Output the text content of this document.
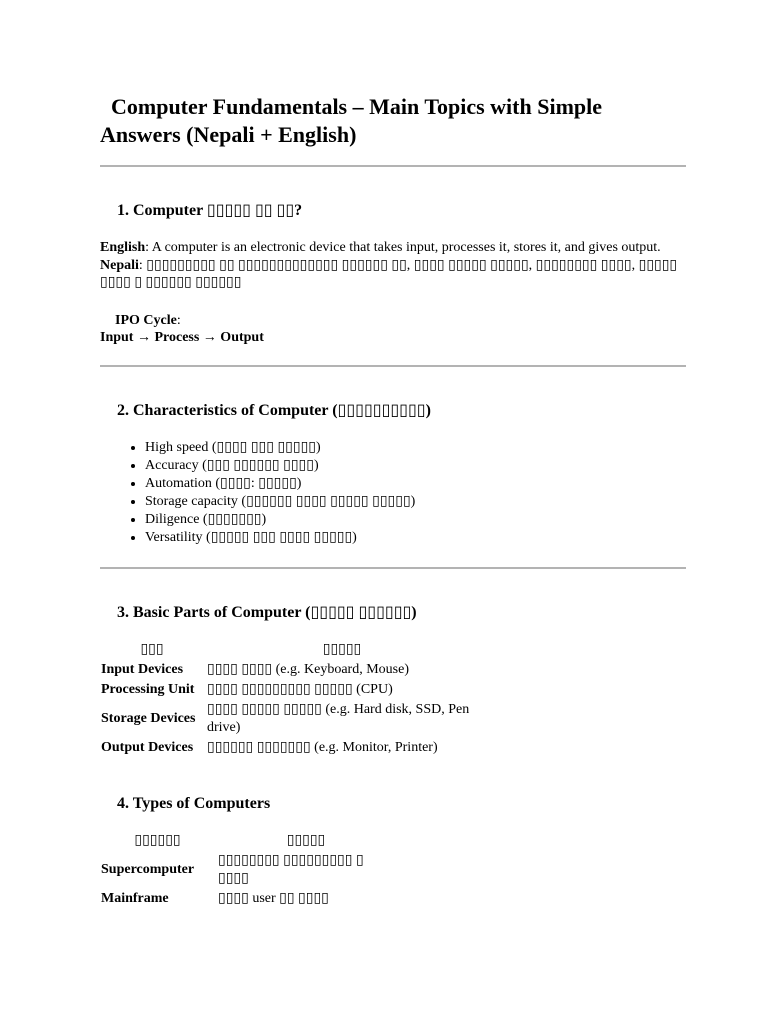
Computer Fundamentals – Main Topics with Simple Answers (Nepali + English)
1. Computer ▯▯▯▯▯ ▯▯ ▯▯?

English: A computer is an electronic device that takes input, processes it, stores it, and gives output.
Nepali: ▯▯▯▯▯▯▯▯▯ ▯▯ ▯▯▯▯▯▯▯▯▯▯▯▯▯ ▯▯▯▯▯▯ ▯▯, ▯▯▯▯ ▯▯▯▯▯ ▯▯▯▯▯, ▯▯▯▯▯▯▯▯ ▯▯▯▯, ▯▯▯▯▯ ▯▯▯▯ ▯ ▯▯▯▯▯▯ ▯▯▯▯▯▯

IPO Cycle:
Input → Process → Output

2. Characteristics of Computer (▯▯▯▯▯▯▯▯▯▯)
• High speed (▯▯▯▯ ▯▯▯ ▯▯▯▯▯)
• Accuracy (▯▯▯ ▯▯▯▯▯▯ ▯▯▯▯)
• Automation (▯▯▯▯: ▯▯▯▯▯)
• Storage capacity (▯▯▯▯▯▯ ▯▯▯▯ ▯▯▯▯▯ ▯▯▯▯▯)
• Diligence (▯▯▯▯▯▯▯)
• Versatility (▯▯▯▯▯ ▯▯▯ ▯▯▯▯ ▯▯▯▯▯)
3. Basic Parts of Computer (▯▯▯▯▯ ▯▯▯▯▯▯)
▯▯▯	▯▯▯▯▯
Input Devices	▯▯▯▯ ▯▯▯▯ (e.g. Keyboard, Mouse)
Processing Unit	▯▯▯▯ ▯▯▯▯▯▯▯▯▯ ▯▯▯▯▯ (CPU)
Storage Devices	▯▯▯▯ ▯▯▯▯▯ ▯▯▯▯▯ (e.g. Hard disk, SSD, Pen drive)
Output Devices	▯▯▯▯▯▯ ▯▯▯▯▯▯▯ (e.g. Monitor, Printer)
4. Types of Computers
▯▯▯▯▯▯	▯▯▯▯▯
Supercomputer	▯▯▯▯▯▯▯▯ ▯▯▯▯▯▯▯▯▯ ▯ ▯▯▯▯
Mainframe	▯▯▯▯ user ▯▯ ▯▯▯▯
